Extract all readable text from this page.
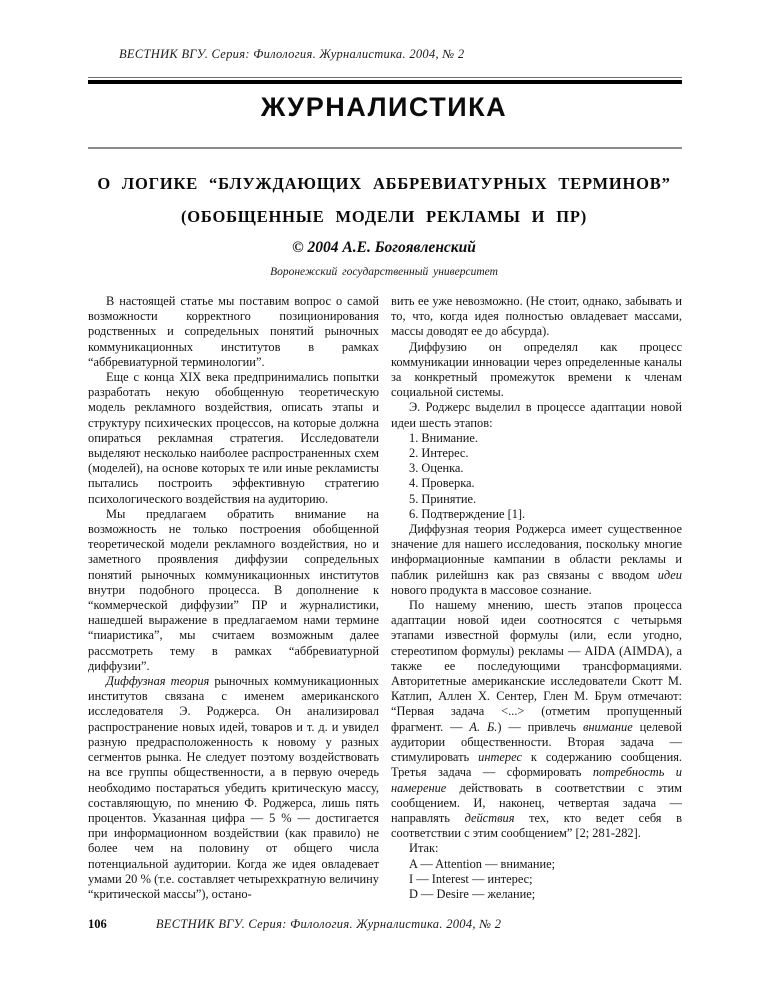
ВЕСТНИК ВГУ. Серия: Филология. Журналистика. 2004, № 2
ЖУРНАЛИСТИКА
О ЛОГИКЕ “БЛУЖДАЮЩИХ АББРЕВИАТУРНЫХ ТЕРМИНОВ”
(ОБОБЩЕННЫЕ МОДЕЛИ РЕКЛАМЫ И ПР)
© 2004 А.Е. Богоявленский
Воронежский государственный университет

В настоящей статье мы поставим вопрос о самой возможности корректного позиционирования родственных и сопредельных понятий рыночных коммуникационных институтов в рамках “аббревиатурной терминологии”.

Еще с конца XIX века предпринимались попытки разработать некую обобщенную теоретическую модель рекламного воздействия, описать этапы и структуру психических процессов, на которые должна опираться рекламная стратегия. Исследователи выделяют несколько наиболее распространенных схем (моделей), на основе которых те или иные рекламисты пытались построить эффективную стратегию психологического воздействия на аудиторию.

Мы предлагаем обратить внимание на возможность не только построения обобщенной теоретической модели рекламного воздействия, но и заметного проявления диффузии сопредельных понятий рыночных коммуникационных институтов внутри подобного процесса. В дополнение к “коммерческой диффузии” ПР и журналистики, нашедшей выражение в предлагаемом нами термине “пиаристика”, мы считаем возможным далее рассмотреть тему в рамках “аббревиатурной диффузии”.

Диффузная теория рыночных коммуникационных институтов связана с именем американского исследователя Э. Роджерса. Он анализировал распространение новых идей, товаров и т. д. и увидел разную предрасположенность к новому у разных сегментов рынка. Не следует поэтому воздействовать на все группы общественности, а в первую очередь необходимо постараться убедить критическую массу, составляющую, по мнению Ф. Роджерса, лишь пять процентов. Указанная цифра — 5 % — достигается при информационном воздействии (как правило) не более чем на половину от общего числа потенциальной аудитории. Когда же идея овладевает умами 20 % (т.е. составляет четырехкратную величину “критической массы”), остано-

вить ее уже невозможно. (Не стоит, однако, забывать и то, что, когда идея полностью овладевает массами, массы доводят ее до абсурда).

Диффузию он определял как процесс коммуникации инновации через определенные каналы за конкретный промежуток времени к членам социальной системы.

Э. Роджерс выделил в процессе адаптации новой идеи шесть этапов:

1. Внимание.

2. Интерес.

3. Оценка.

4. Проверка.

5. Принятие.

6. Подтверждение [1].

Диффузная теория Роджерса имеет существенное значение для нашего исследования, поскольку многие информационные кампании в области рекламы и паблик рилейшнз как раз связаны с вводом идеи нового продукта в массовое сознание.

По нашему мнению, шесть этапов процесса адаптации новой идеи соотносятся с четырьмя этапами известной формулы (или, если угодно, стереотипом формулы) рекламы — AIDA (AIMDA), а также ее последующими трансформациями. Авторитетные американские исследователи Скотт М. Катлип, Аллен Х. Сентер, Глен М. Брум отмечают: “Первая задача <...> (отметим пропущенный фрагмент. — А. Б.) — привлечь внимание целевой аудитории общественности. Вторая задача — стимулировать интерес к содержанию сообщения. Третья задача — сформировать потребность и намерение действовать в соответствии с этим сообщением. И, наконец, четвертая задача — направлять действия тех, кто ведет себя в соответствии с этим сообщением” [2; 281-282].

Итак:

A — Attention — внимание;

I — Interest — интерес;

D — Desire — желание;

106	ВЕСТНИК ВГУ. Серия: Филология. Журналистика. 2004, № 2
